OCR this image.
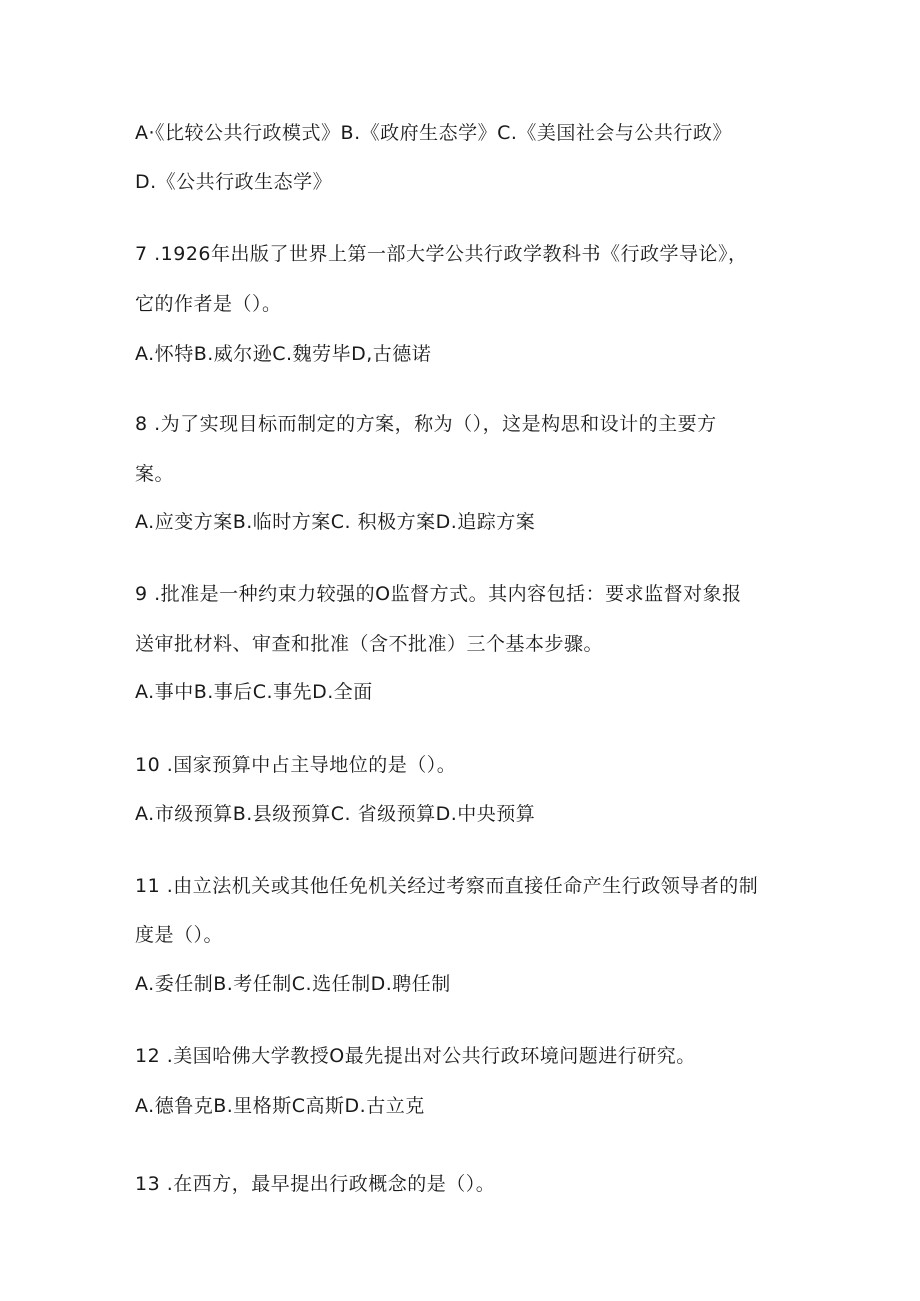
A·《比较公共行政模式》B.《政府生态学》C.《美国社会与公共行政》
D.《公共行政生态学》
7 .1926年出版了世界上第一部大学公共行政学教科书《行政学导论》，
它的作者是（）。
A.怀特B.威尔逊C.魏劳毕D,古德诺
8 .为了实现目标而制定的方案，称为（），这是构思和设计的主要方
案。
A.应变方案B.临时方案C. 积极方案D.追踪方案
9 .批准是一种约束力较强的O监督方式。其内容包括：要求监督对象报
送审批材料、审查和批准（含不批准）三个基本步骤。
A.事中B.事后C.事先D.全面
10 .国家预算中占主导地位的是（）。
A.市级预算B.县级预算C. 省级预算D.中央预算
11 .由立法机关或其他任免机关经过考察而直接任命产生行政领导者的制
度是（）。
A.委任制B.考任制C.选任制D.聘任制
12 .美国哈佛大学教授O最先提出对公共行政环境问题进行研究。
A.德鲁克B.里格斯C高斯D.古立克
13 .在西方，最早提出行政概念的是（）。
